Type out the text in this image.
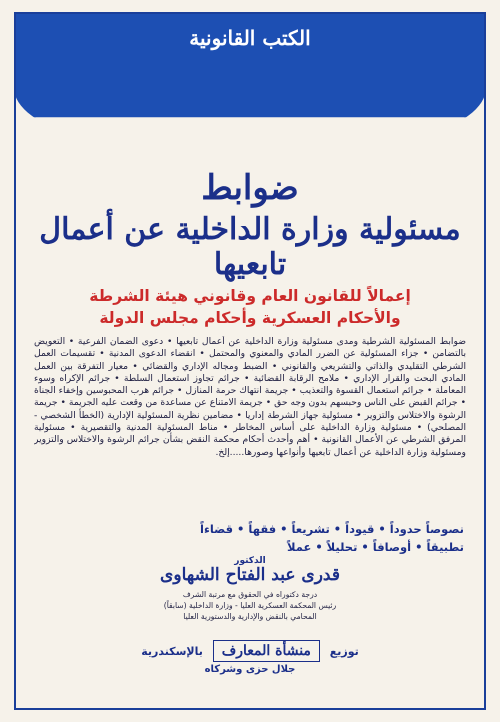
الكتب القانونية
ضوابط
مسئولية وزارة الداخلية عن أعمال تابعيها
إعمالاً للقانون العام وقانوني هيئة الشرطة
والأحكام العسكرية وأحكام مجلس الدولة

ضوابط المسئولية الشرطية ومدى مسئولية وزارة الداخلية عن أعمال تابعيها • دعوى الضمان الفرعية • التعويض بالتضامن • جزاء المسئولية عن الضرر المادي والمعنوي والمحتمل • انقضاء الدعوى المدنية • تقسيمات العمل الشرطي التقليدي والذاتي والتشريعي والقانوني • الضبط ومجاله الإداري والقضائي • معيار التفرقة بين العمل المادي البحت والقرار الإداري • ملامح الرقابة القضائية • جرائم تجاوز استعمال السلطة • جرائم الإكراه وسوء المعاملة • جرائم استعمال القسوة والتعذيب • جريمة انتهاك حرمة المنازل • جرائم هرب المحبوسين وإخفاء الجناة • جرائم القبض على الناس وحبسهم بدون وجه حق • جريمة الامتناع عن مساعدة من وقعت عليه الجريمة • جريمة الرشوة والاختلاس والتزوير • مسئولية جهاز الشرطة إداريا • مضامين نظرية المسئولية الإدارية (الخطأ الشخصي - المصلحي) • مسئولية وزارة الداخلية على أساس المخاطر • مناط المسئولية المدنية والتقصيرية • مسئولية المرفق الشرطي عن الأعمال القانونية • أهم وأحدث أحكام محكمة النقض بشأن جرائم الرشوة والاختلاس والتزوير ومسئولية وزارة الداخلية عن أعمال تابعيها وأنواعها وصورها.....إلخ.

نصوصاً حدوداً • قيوداً • تشريعاً • فقهاً • قضاءاً
تطبيقاً • أوصافاً • تحليلاً • عملاً
الدكتور
قدرى عبد الفتاح الشهاوى

درجة دكتوراه في الحقوق مع مرتبة الشرف

رئيس المحكمة العسكرية العليا - وزارة الداخلية (سابقاً)

المحامي بالنقض والإدارية والدستورية العليا

توزيع منشأة المعارف بالإسكندرية
جلال حزى وشركاه
